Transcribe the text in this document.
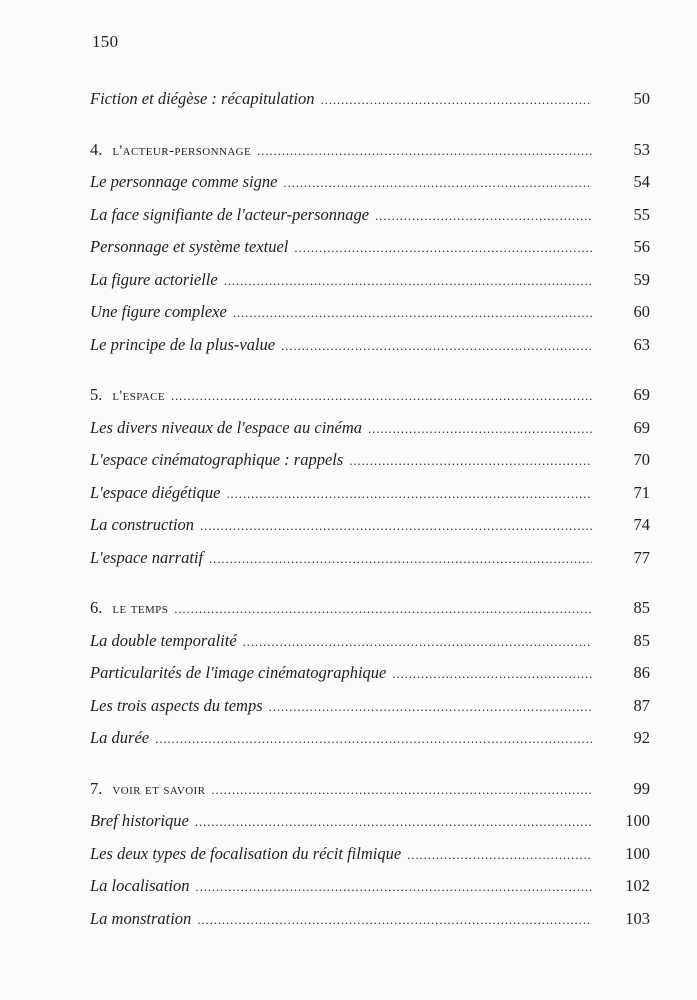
150
Fiction et diégèse : récapitulation . . .	50
4. l'acteur-personnage . . .	53
Le personnage comme signe . . .	54
La face signifiante de l'acteur-personnage . . .	55
Personnage et système textuel . . .	56
La figure actorielle . . .	59
Une figure complexe . . .	60
Le principe de la plus-value . . .	63
5. l'espace . . .	69
Les divers niveaux de l'espace au cinéma . . .	69
L'espace cinématographique : rappels . . .	70
L'espace diégétique . . .	71
La construction . . .	74
L'espace narratif . . .	77
6. le temps . . .	85
La double temporalité . . .	85
Particularités de l'image cinématographique . . .	86
Les trois aspects du temps . . .	87
La durée . . .	92
7. voir et savoir . . .	99
Bref historique . . .	100
Les deux types de focalisation du récit filmique . . .	100
La localisation . . .	102
La monstration . . .	103
